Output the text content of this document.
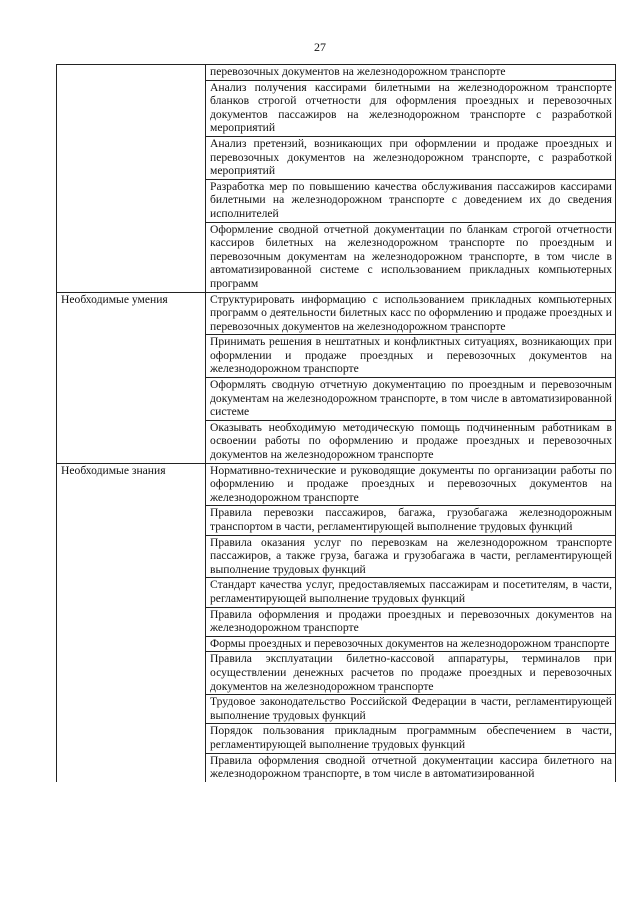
27
	перевозочных документов на железнодорожном транспорте
	Анализ получения кассирами билетными на железнодорожном транспорте бланков строгой отчетности для оформления проездных и перевозочных документов пассажиров на железнодорожном транспорте с разработкой мероприятий
	Анализ претензий, возникающих при оформлении и продаже проездных и перевозочных документов на железнодорожном транспорте, с разработкой мероприятий
	Разработка мер по повышению качества обслуживания пассажиров кассирами билетными на железнодорожном транспорте с доведением их до сведения исполнителей
	Оформление сводной отчетной документации по бланкам строгой отчетности кассиров билетных на железнодорожном транспорте по проездным и перевозочным документам на железнодорожном транспорте, в том числе в автоматизированной системе с использованием прикладных компьютерных программ
Необходимые умения	Структурировать информацию с использованием прикладных компьютерных программ о деятельности билетных касс по оформлению и продаже проездных и перевозочных документов на железнодорожном транспорте
	Принимать решения в нештатных и конфликтных ситуациях, возникающих при оформлении и продаже проездных и перевозочных документов на железнодорожном транспорте
	Оформлять сводную отчетную документацию по проездным и перевозочным документам на железнодорожном транспорте, в том числе в автоматизированной системе
	Оказывать необходимую методическую помощь подчиненным работникам в освоении работы по оформлению и продаже проездных и перевозочных документов на железнодорожном транспорте
Необходимые знания	Нормативно-технические и руководящие документы по организации работы по оформлению и продаже проездных и перевозочных документов на железнодорожном транспорте
	Правила перевозки пассажиров, багажа, грузобагажа железнодорожным транспортом в части, регламентирующей выполнение трудовых функций
	Правила оказания услуг по перевозкам на железнодорожном транспорте пассажиров, а также груза, багажа и грузобагажа в части, регламентирующей выполнение трудовых функций
	Стандарт качества услуг, предоставляемых пассажирам и посетителям, в части, регламентирующей выполнение трудовых функций
	Правила оформления и продажи проездных и перевозочных документов на железнодорожном транспорте
	Формы проездных и перевозочных документов на железнодорожном транспорте
	Правила эксплуатации билетно-кассовой аппаратуры, терминалов при осуществлении денежных расчетов по продаже проездных и перевозочных документов на железнодорожном транспорте
	Трудовое законодательство Российской Федерации в части, регламентирующей выполнение трудовых функций
	Порядок пользования прикладным программным обеспечением в части, регламентирующей выполнение трудовых функций
	Правила оформления сводной отчетной документации кассира билетного на железнодорожном транспорте, в том числе в автоматизированной
